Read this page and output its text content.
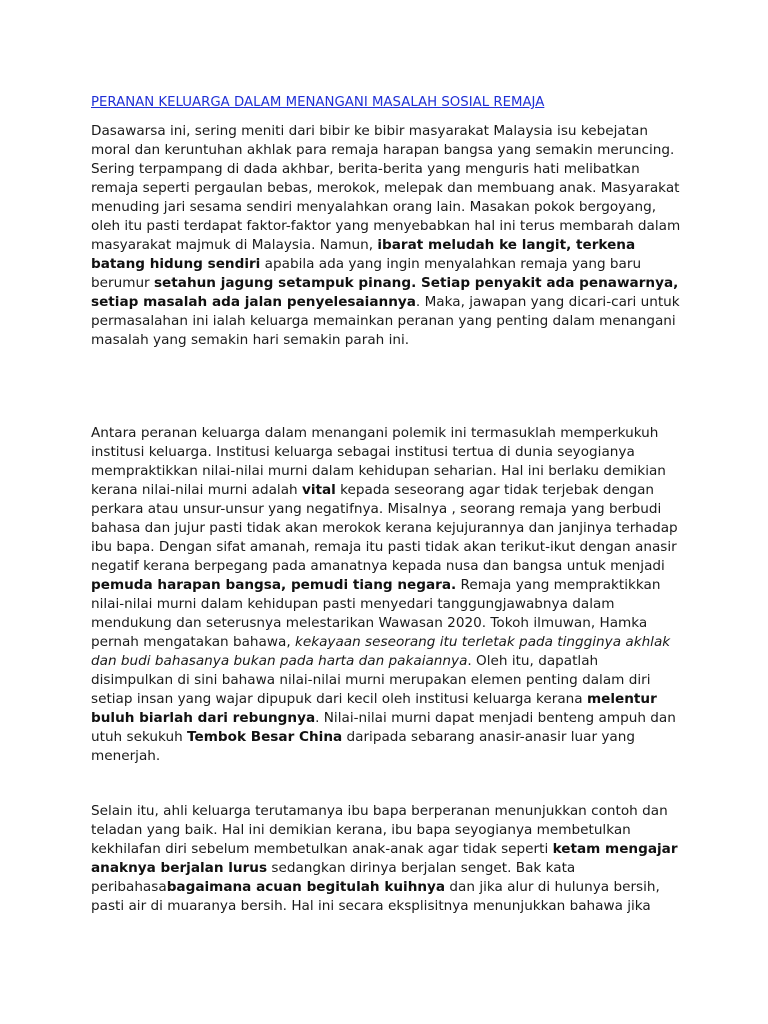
PERANAN KELUARGA DALAM MENANGANI MASALAH SOSIAL REMAJA

Dasawarsa ini, sering meniti dari bibir ke bibir masyarakat Malaysia isu kebejatan moral dan keruntuhan akhlak para remaja harapan bangsa yang semakin meruncing. Sering terpampang di dada akhbar, berita-berita yang menguris hati melibatkan remaja seperti pergaulan bebas, merokok, melepak dan membuang anak. Masyarakat menuding jari sesama sendiri menyalahkan orang lain. Masakan pokok bergoyang, oleh itu pasti terdapat faktor-faktor yang menyebabkan hal ini terus membarah dalam masyarakat majmuk di Malaysia. Namun, ibarat meludah ke langit, terkena batang hidung sendiri apabila ada yang ingin menyalahkan remaja yang baru berumur setahun jagung setampuk pinang. Setiap penyakit ada penawarnya, setiap masalah ada jalan penyelesaiannya. Maka, jawapan yang dicari-cari untuk permasalahan ini ialah keluarga memainkan peranan yang penting dalam menangani masalah yang semakin hari semakin parah ini.

Antara peranan keluarga dalam menangani polemik ini termasuklah memperkukuh institusi keluarga. Institusi keluarga sebagai institusi tertua di dunia seyogianya mempraktikkan nilai-nilai murni dalam kehidupan seharian. Hal ini berlaku demikian kerana nilai-nilai murni adalah vital kepada seseorang agar tidak terjebak dengan perkara atau unsur-unsur yang negatifnya. Misalnya , seorang remaja yang berbudi bahasa dan jujur pasti tidak akan merokok kerana kejujurannya dan janjinya terhadap ibu bapa. Dengan sifat amanah, remaja itu pasti tidak akan terikut-ikut dengan anasir negatif kerana berpegang pada amanatnya kepada nusa dan bangsa untuk menjadi pemuda harapan bangsa, pemudi tiang negara. Remaja yang mempraktikkan nilai-nilai murni dalam kehidupan pasti menyedari tanggungjawabnya dalam mendukung dan seterusnya melestarikan Wawasan 2020. Tokoh ilmuwan, Hamka pernah mengatakan bahawa, kekayaan seseorang itu terletak pada tingginya akhlak dan budi bahasanya bukan pada harta dan pakaiannya. Oleh itu, dapatlah disimpulkan di sini bahawa nilai-nilai murni merupakan elemen penting dalam diri setiap insan yang wajar dipupuk dari kecil oleh institusi keluarga kerana melentur buluh biarlah dari rebungnya. Nilai-nilai murni dapat menjadi benteng ampuh dan utuh sekukuh Tembok Besar China daripada sebarang anasir-anasir luar yang menerjah.

Selain itu, ahli keluarga terutamanya ibu bapa berperanan menunjukkan contoh dan teladan yang baik. Hal ini demikian kerana, ibu bapa seyogianya membetulkan kekhilafan diri sebelum membetulkan anak-anak agar tidak seperti ketam mengajar anaknya berjalan lurus sedangkan dirinya berjalan senget. Bak kata peribahasabagaimana acuan begitulah kuihnya dan jika alur di hulunya bersih, pasti air di muaranya bersih. Hal ini secara eksplisitnya menunjukkan bahawa jika
